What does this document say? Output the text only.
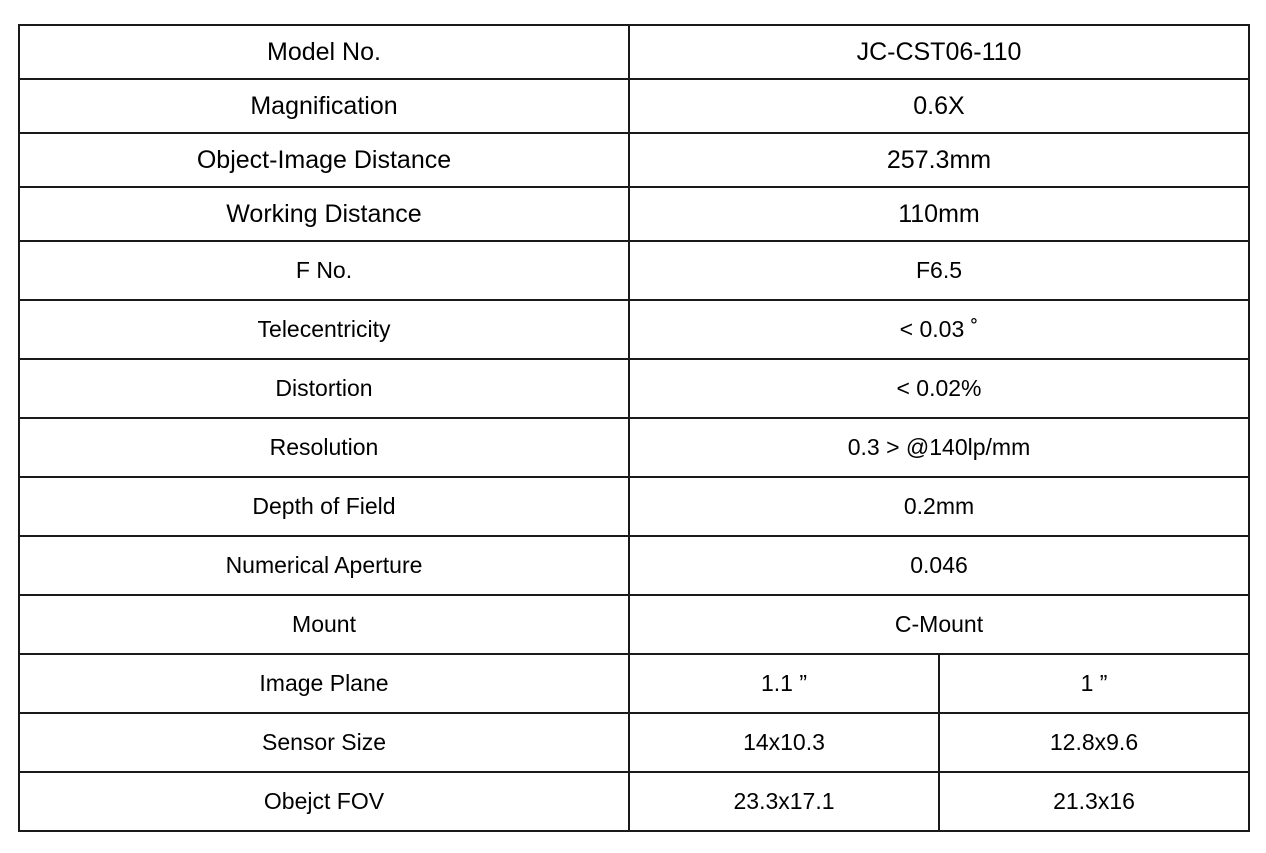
Model No.	JC-CST06-110	
Magnification	0.6X	
Object-Image Distance	257.3mm	
Working Distance	110mm	
F No.	F6.5	
Telecentricity	< 0.03 ˚	
Distortion	< 0.02%	
Resolution	0.3 > @140lp/mm	
Depth of Field	0.2mm	
Numerical Aperture	0.046	
Mount	C-Mount	
Image Plane	1.1 ”	1 ”
Sensor Size	14x10.3	12.8x9.6
Obejct FOV	23.3x17.1	21.3x16
